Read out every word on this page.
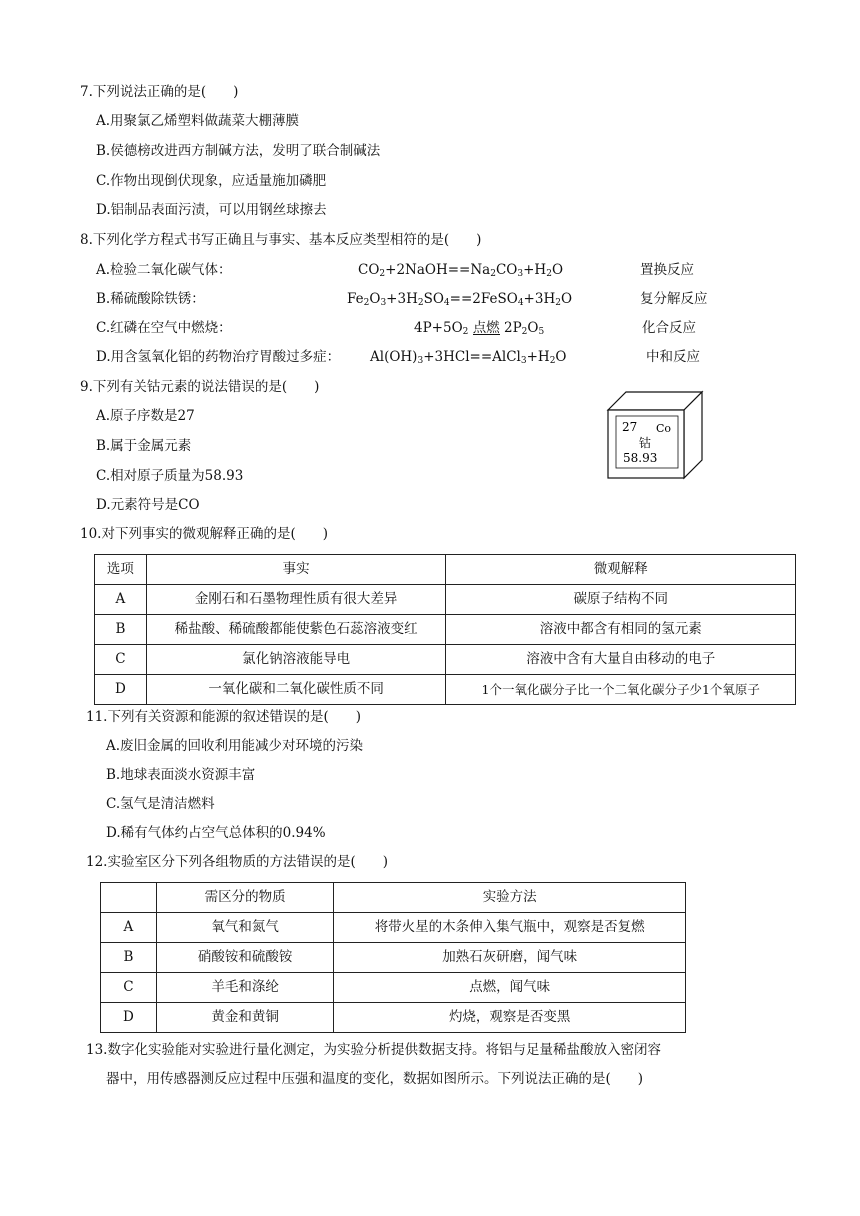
7.下列说法正确的是(　　)
A.用聚氯乙烯塑料做蔬菜大棚薄膜
B.侯德榜改进西方制碱方法，发明了联合制碱法
C.作物出现倒伏现象，应适量施加磷肥
D.铝制品表面污渍，可以用钢丝球擦去
8.下列化学方程式书写正确且与事实、基本反应类型相符的是(　　)
A.检验二氧化碳气体：	$CO_2+2NaOH==Na_2CO_3+H_2O$	置换反应
B.稀硫酸除铁锈：	$Fe_2O_3+3H_2SO_4==2FeSO_4+3H_2O$	复分解反应
C.红磷在空气中燃烧：	$4P+5O_2$ 点燃 $2P_2O_5$	化合反应
D.用含氢氧化铝的药物治疗胃酸过多症： $Al(OH)_3+3HCl==AlCl_3+H_2O$	中和反应
9.下列有关钴元素的说法错误的是(　　)
A.原子序数是27
B.属于金属元素
C.相对原子质量为58.93
D.元素符号是CO
27 Co
钴
58.93
10.对下列事实的微观解释正确的是(　　)
选项	事实	微观解释
A	金刚石和石墨物理性质有很大差异	碳原子结构不同
B	稀盐酸、稀硫酸都能使紫色石蕊溶液变红	溶液中都含有相同的氢元素
C	氯化钠溶液能导电	溶液中含有大量自由移动的电子
D	一氧化碳和二氧化碳性质不同	1个一氧化碳分子比一个二氧化碳分子少1个氧原子
11.下列有关资源和能源的叙述错误的是(　　)
A.废旧金属的回收利用能减少对环境的污染
B.地球表面淡水资源丰富
C.氢气是清洁燃料
D.稀有气体约占空气总体积的0.94%
12.实验室区分下列各组物质的方法错误的是(　　)
	需区分的物质	实验方法
A	氧气和氮气	将带火星的木条伸入集气瓶中，观察是否复燃
B	硝酸铵和硫酸铵	加熟石灰研磨，闻气味
C	羊毛和涤纶	点燃，闻气味
D	黄金和黄铜	灼烧，观察是否变黑
13.数字化实验能对实验进行量化测定，为实验分析提供数据支持。将铝与足量稀盐酸放入密闭容
器中，用传感器测反应过程中压强和温度的变化，数据如图所示。下列说法正确的是(　　)
